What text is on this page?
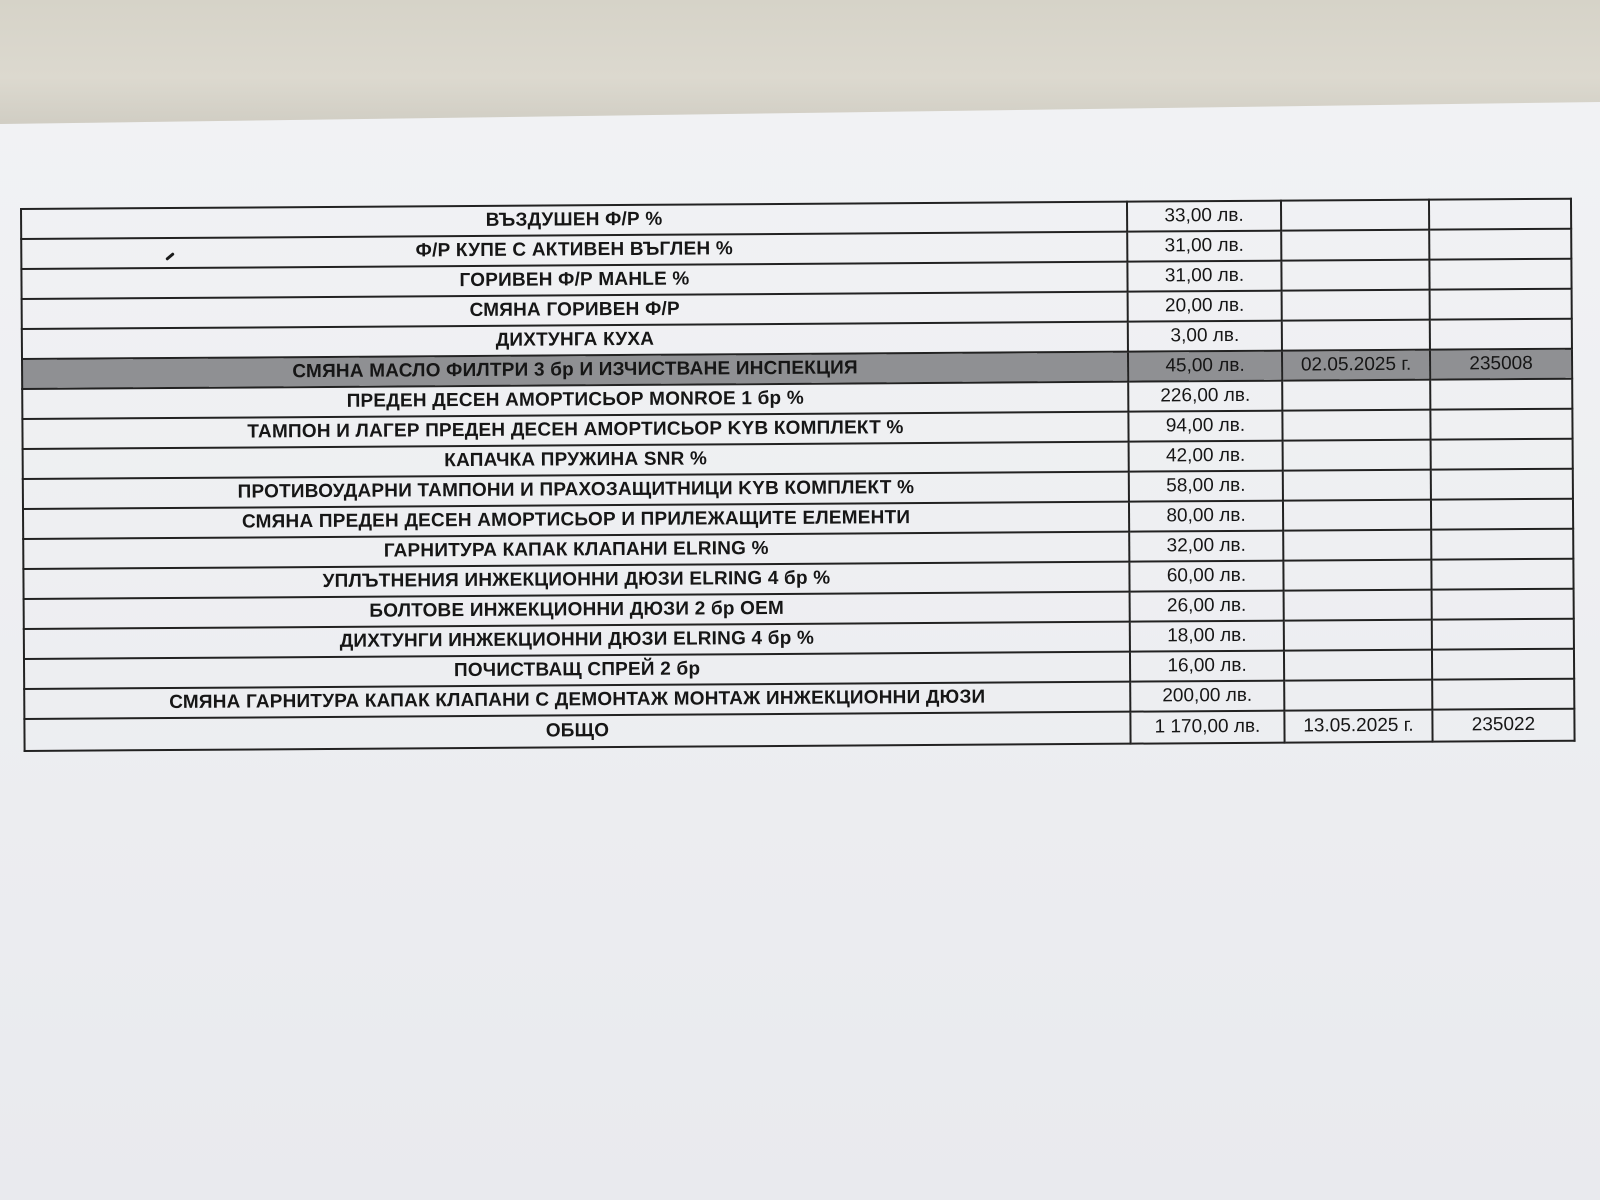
ВЪЗДУШЕН Ф/Р %	33,00 лв.		
Ф/Р КУПЕ С АКТИВЕН ВЪГЛЕН %	31,00 лв.		
ГОРИВЕН Ф/Р MAHLE %	31,00 лв.		
СМЯНА ГОРИВЕН Ф/Р	20,00 лв.		
ДИХТУНГА КУХА	3,00 лв.		
СМЯНА МАСЛО ФИЛТРИ 3 бр И ИЗЧИСТВАНЕ ИНСПЕКЦИЯ	45,00 лв.	02.05.2025 г.	235008
ПРЕДЕН ДЕСЕН АМОРТИСЬОР MONROE 1 бр %	226,00 лв.		
ТАМПОН И ЛАГЕР ПРЕДЕН ДЕСЕН АМОРТИСЬОР KYB КОМПЛЕКТ %	94,00 лв.		
КАПАЧКА ПРУЖИНА SNR %	42,00 лв.		
ПРОТИВОУДАРНИ ТАМПОНИ И ПРАХОЗАЩИТНИЦИ KYB КОМПЛЕКТ %	58,00 лв.		
СМЯНА ПРЕДЕН ДЕСЕН АМОРТИСЬОР И ПРИЛЕЖАЩИТЕ ЕЛЕМЕНТИ	80,00 лв.		
ГАРНИТУРА КАПАК КЛАПАНИ ELRING %	32,00 лв.		
УПЛЪТНЕНИЯ ИНЖЕКЦИОННИ ДЮЗИ ELRING 4 бр %	60,00 лв.		
БОЛТОВЕ ИНЖЕКЦИОННИ ДЮЗИ 2 бр OEM	26,00 лв.		
ДИХТУНГИ ИНЖЕКЦИОННИ ДЮЗИ ELRING 4 бр %	18,00 лв.		
ПОЧИСТВАЩ СПРЕЙ 2 бр	16,00 лв.		
СМЯНА ГАРНИТУРА КАПАК КЛАПАНИ С ДЕМОНТАЖ МОНТАЖ ИНЖЕКЦИОННИ ДЮЗИ	200,00 лв.		
ОБЩО	1 170,00 лв.	13.05.2025 г.	235022
